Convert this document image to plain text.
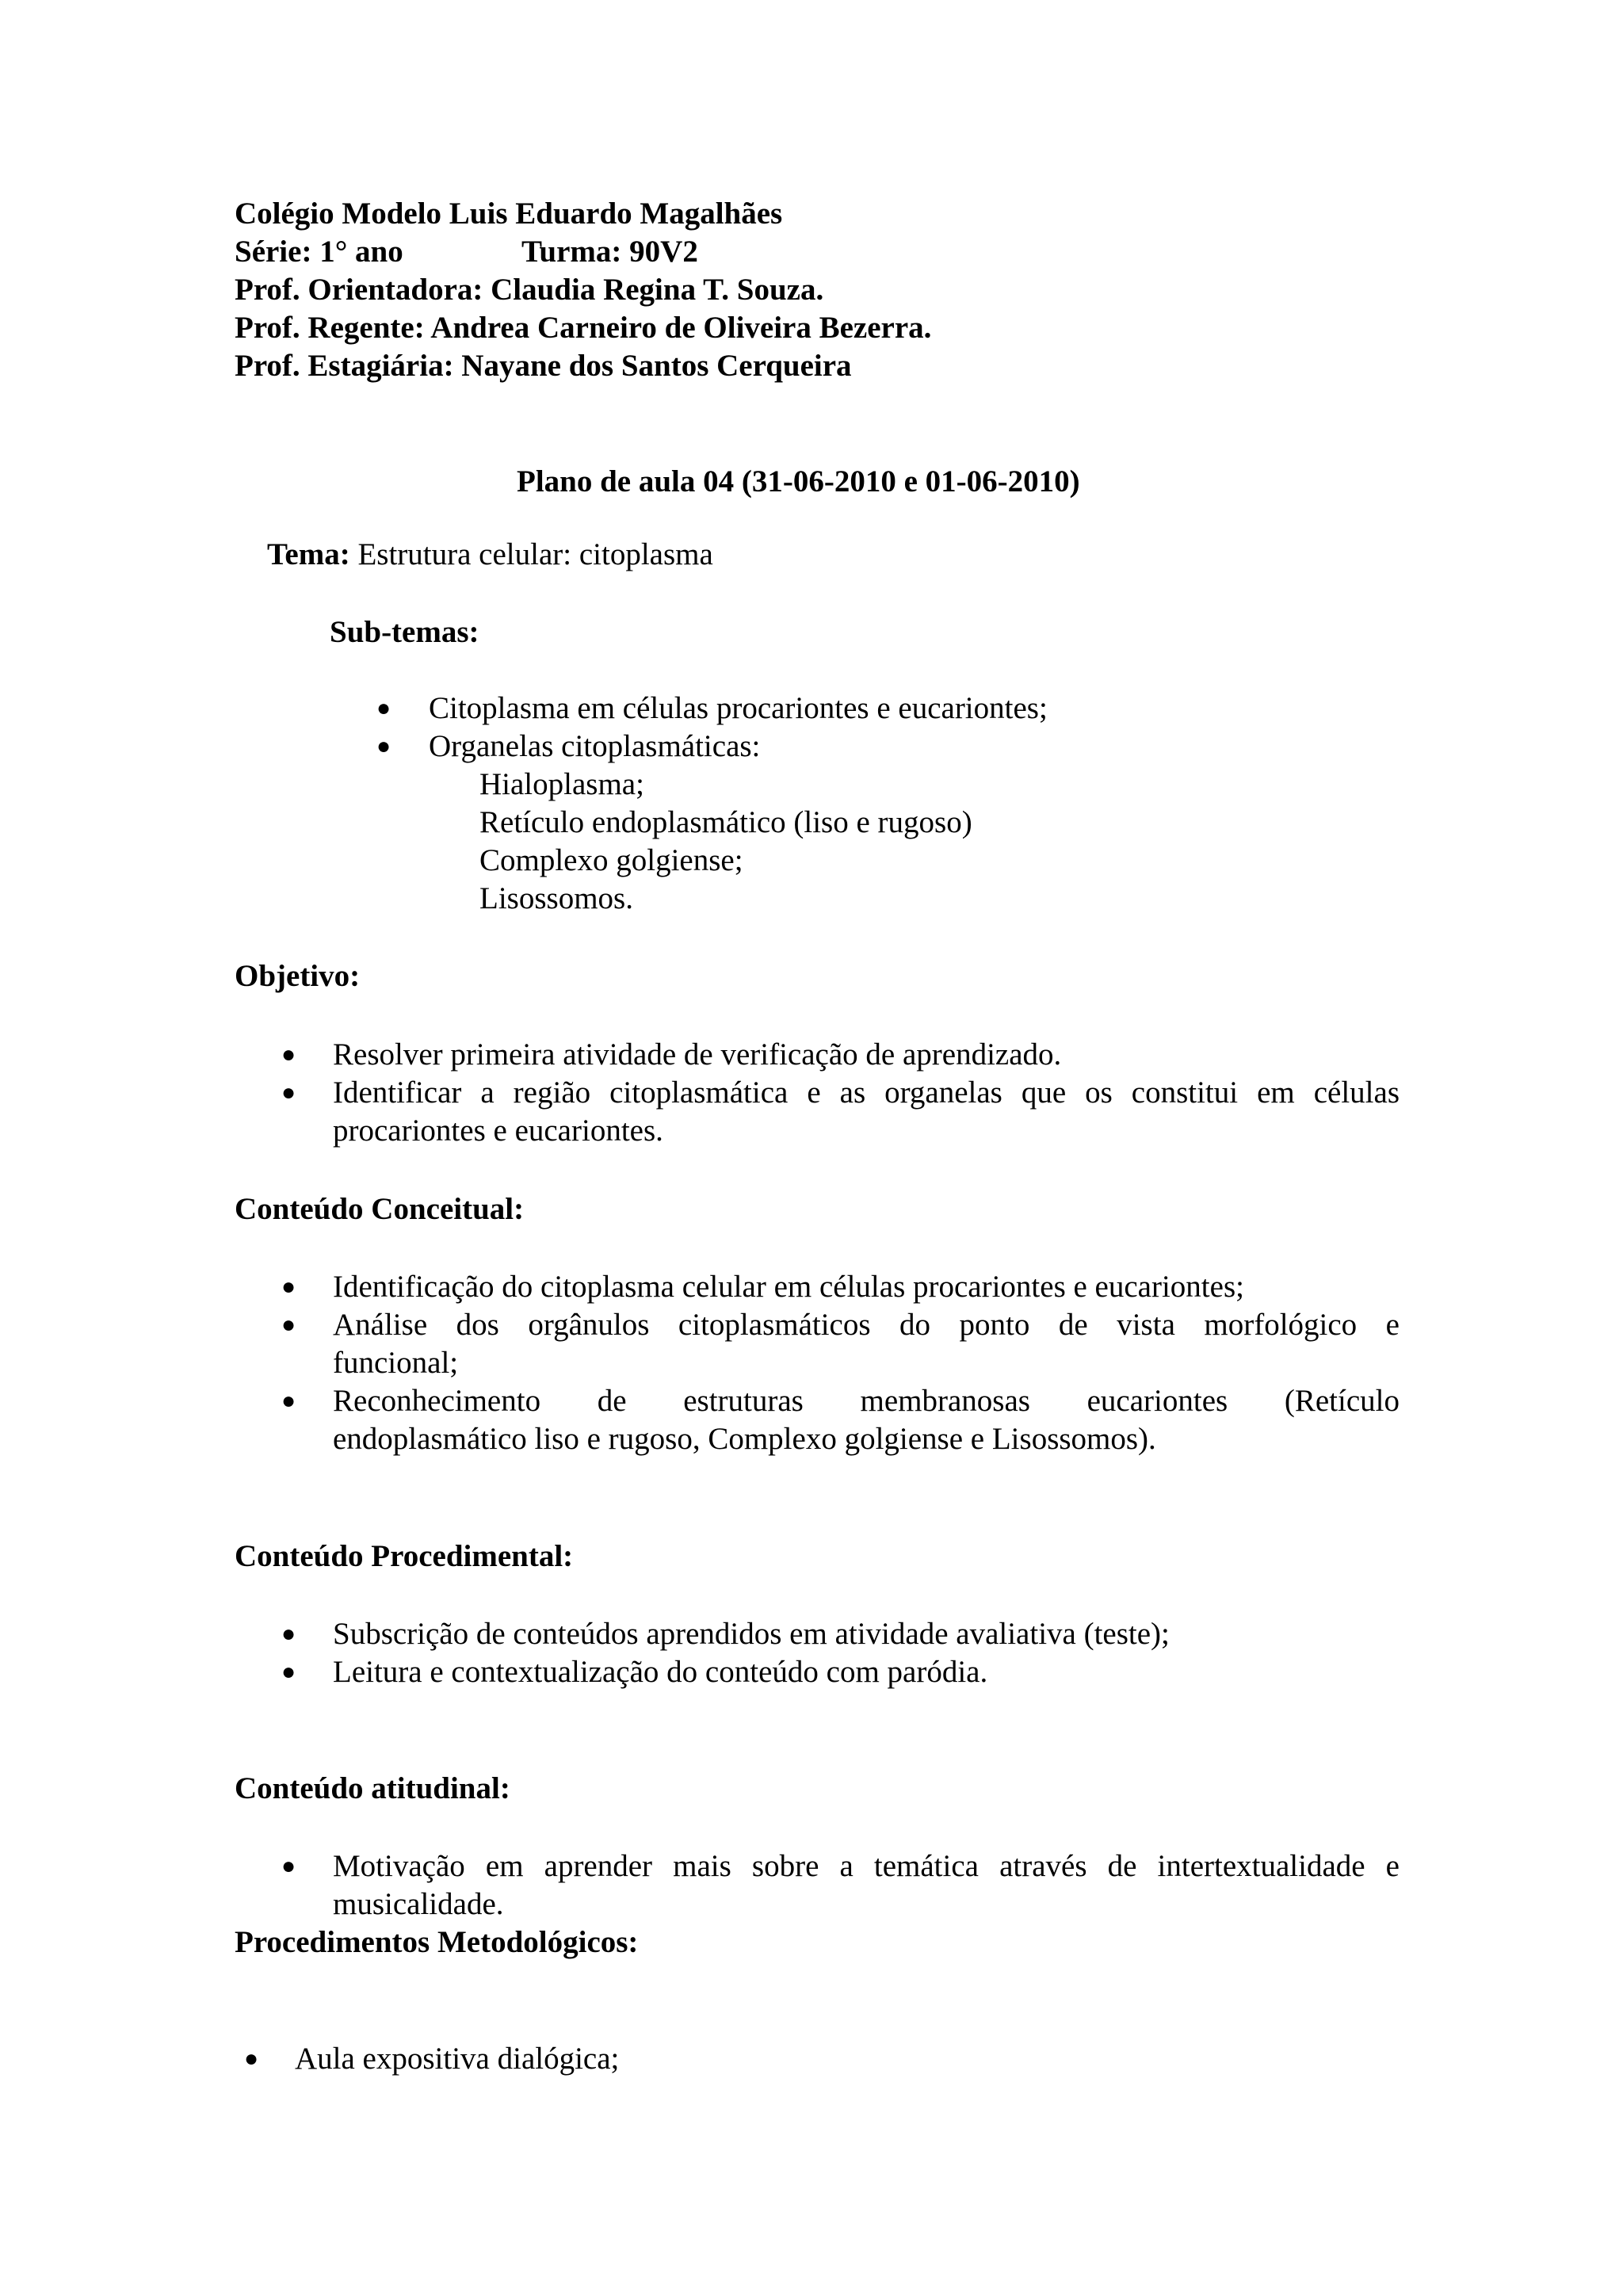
Colégio Modelo Luis Eduardo Magalhães
Série: 1° ano	Turma: 90V2
Prof. Orientadora: Claudia Regina T. Souza.
Prof. Regente: Andrea Carneiro de Oliveira Bezerra.
Prof. Estagiária: Nayane dos Santos Cerqueira
Plano de aula 04 (31-06-2010 e 01-06-2010)
Tema: Estrutura celular: citoplasma
Sub-temas:
● Citoplasma em células procariontes e eucariontes;
● Organelas citoplasmáticas:
Hialoplasma;
Retículo endoplasmático (liso e rugoso)
Complexo golgiense;
Lisossomos.
Objetivo:
● Resolver primeira atividade de verificação de aprendizado.
● Identificar a região citoplasmática e as organelas que os constitui em células
procariontes e eucariontes.
Conteúdo Conceitual:
● Identificação do citoplasma celular em células procariontes e eucariontes;
● Análise dos orgânulos citoplasmáticos do ponto de vista morfológico e
funcional;
● Reconhecimento de estruturas membranosas eucariontes (Retículo
endoplasmático liso e rugoso, Complexo golgiense e Lisossomos).
Conteúdo Procedimental:
● Subscrição de conteúdos aprendidos em atividade avaliativa (teste);
● Leitura e contextualização do conteúdo com paródia.
Conteúdo atitudinal:
● Motivação em aprender mais sobre a temática através de intertextualidade e
musicalidade.
Procedimentos Metodológicos:
● Aula expositiva dialógica;
